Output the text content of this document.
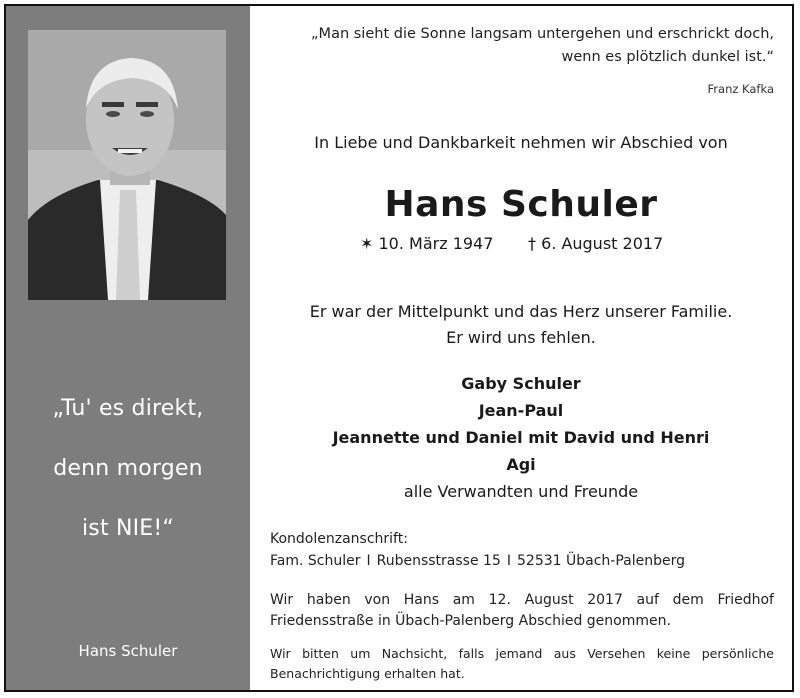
„Tu' es direkt,
denn morgen
ist NIE!“
Hans Schuler
„Man sieht die Sonne langsam untergehen und erschrickt doch,
wenn es plötzlich dunkel ist.“
Franz Kafka
In Liebe und Dankbarkeit nehmen wir Abschied von
Hans Schuler
✶ 10. März 1947 † 6. August 2017
Er war der Mittelpunkt und das Herz unserer Familie.
Er wird uns fehlen.
Gaby Schuler
Jean-Paul
Jeannette und Daniel mit David und Henri
Agi
alle Verwandten und Freunde
Kondolenzanschrift:
Fam. Schuler I Rubensstrasse 15 I 52531 Übach-Palenberg
Wir haben von Hans am 12. August 2017 auf dem Friedhof Friedensstraße in Übach-Palenberg Abschied genommen.
Wir bitten um Nachsicht, falls jemand aus Versehen keine persönliche Benachrichtigung erhalten hat.
